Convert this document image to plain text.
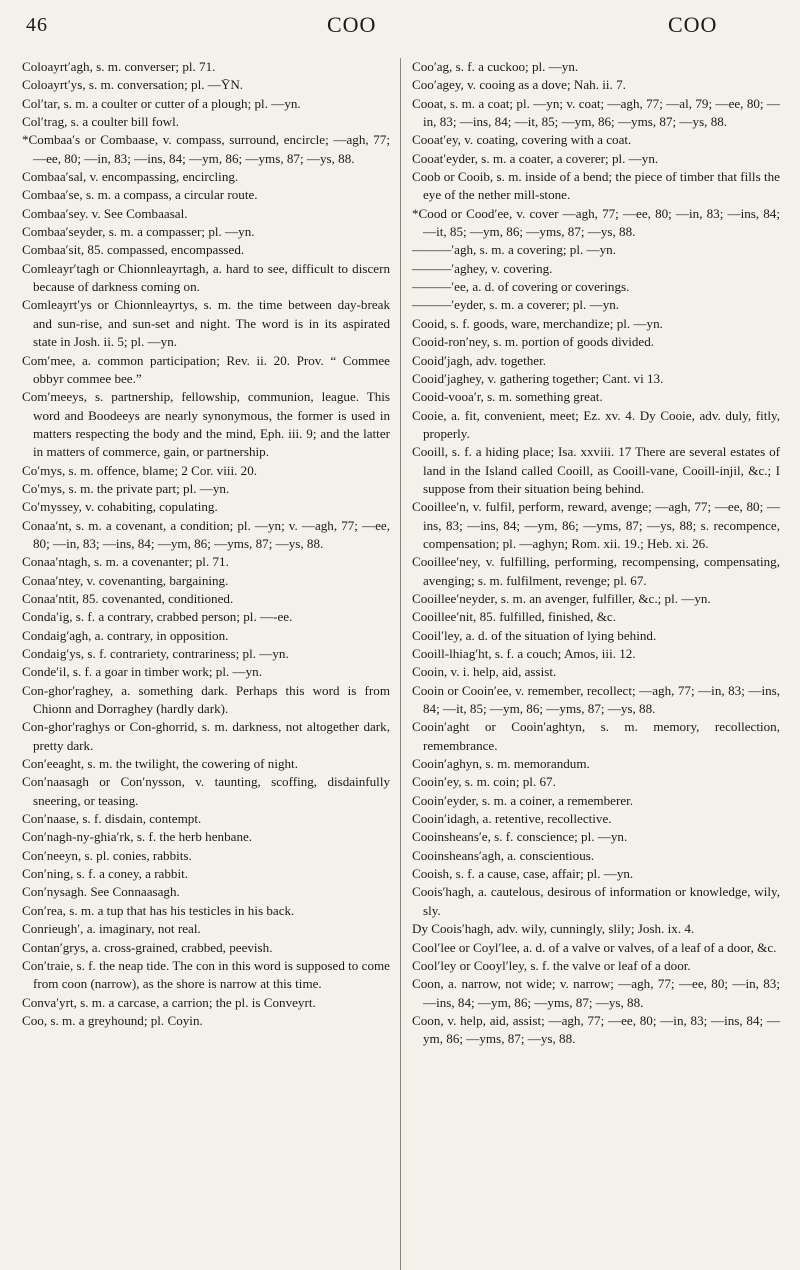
46	COO	COO

Coloayrt′agh, s. m. converser; pl. 71.

Coloayrt′ys, s. m. conversation; pl. —ȲN.

Col′tar, s. m. a coulter or cutter of a plough; pl. —yn.

Col′trag, s. a coulter bill fowl.

*Combaa′s or Combaase, v. compass, surround, encircle; —agh, 77; —ee, 80; —in, 83; —ins, 84; —ym, 86; —yms, 87; —ys, 88.

Combaa′sal, v. encompassing, encircling.

Combaa′se, s. m. a compass, a circular route.

Combaa′sey. v. See Combaasal.

Combaa′seyder, s. m. a compasser; pl. —yn.

Combaa′sit, 85. compassed, encompassed.

Comleayr′tagh or Chionnleayrtagh, a. hard to see, difficult to discern because of darkness coming on.

Comleayrt′ys or Chionnleayrtys, s. m. the time between day-break and sun-rise, and sun-set and night. The word is in its aspirated state in Josh. ii. 5; pl. —yn.

Com′mee, a. common participation; Rev. ii. 20. Prov. “ Commee obbyr commee bee.”

Com′meeys, s. partnership, fellowship, communion, league. This word and Boodeeys are nearly synonymous, the former is used in matters respecting the body and the mind, Eph. iii. 9; and the latter in matters of commerce, gain, or partnership.

Co′mys, s. m. offence, blame; 2 Cor. viii. 20.

Co′mys, s. m. the private part; pl. —yn.

Co′myssey, v. cohabiting, copulating.

Conaa′nt, s. m. a covenant, a condition; pl. —yn; v. —agh, 77; —ee, 80; —in, 83; —ins, 84; —ym, 86; —yms, 87; —ys, 88.

Conaa′ntagh, s. m. a covenanter; pl. 71.

Conaa′ntey, v. covenanting, bargaining.

Conaa′ntit, 85. covenanted, conditioned.

Conda′ig, s. f. a contrary, crabbed person; pl. —-ee.

Condaig′agh, a. contrary, in opposition.

Condaig′ys, s. f. contrariety, contrariness; pl. —yn.

Conde′il, s. f. a goar in timber work; pl. —yn.

Con-ghor′raghey, a. something dark. Perhaps this word is from Chionn and Dorraghey (hardly dark).

Con-ghor′raghys or Con-ghorrid, s. m. darkness, not altogether dark, pretty dark.

Con′eeaght, s. m. the twilight, the cowering of night.

Con′naasagh or Con′nysson, v. taunting, scoffing, disdainfully sneering, or teasing.

Con′naase, s. f. disdain, contempt.

Con′nagh-ny-ghia′rk, s. f. the herb henbane.

Con′neeyn, s. pl. conies, rabbits.

Con′ning, s. f. a coney, a rabbit.

Con′nysagh. See Connaasagh.

Con′rea, s. m. a tup that has his testicles in his back.

Conrieugh′, a. imaginary, not real.

Contan′grys, a. cross-grained, crabbed, peevish.

Con′traie, s. f. the neap tide. The con in this word is supposed to come from coon (narrow), as the shore is narrow at this time.

Conva′yrt, s. m. a carcase, a carrion; the pl. is Conveyrt.

Coo, s. m. a greyhound; pl. Coyin.

Coo′ag, s. f. a cuckoo; pl. —yn.

Coo′agey, v. cooing as a dove; Nah. ii. 7.

Cooat, s. m. a coat; pl. —yn; v. coat; —agh, 77; —al, 79; —ee, 80; —in, 83; —ins, 84; —it, 85; —ym, 86; —yms, 87; —ys, 88.

Cooat′ey, v. coating, covering with a coat.

Cooat′eyder, s. m. a coater, a coverer; pl. —yn.

Coob or Cooib, s. m. inside of a bend; the piece of timber that fills the eye of the nether mill-stone.

*Cood or Cood′ee, v. cover —agh, 77; —ee, 80; —in, 83; —ins, 84; —it, 85; —ym, 86; —yms, 87; —ys, 88.

———′agh, s. m. a covering; pl. —yn.

———′aghey, v. covering.

———′ee, a. d. of covering or coverings.

———′eyder, s. m. a coverer; pl. —yn.

Cooid, s. f. goods, ware, merchandize; pl. —yn.

Cooid-ron′ney, s. m. portion of goods divided.

Cooid′jagh, adv. together.

Cooid′jaghey, v. gathering together; Cant. vi 13.

Cooid-vooa′r, s. m. something great.

Cooie, a. fit, convenient, meet; Ez. xv. 4. Dy Cooie, adv. duly, fitly, properly.

Cooill, s. f. a hiding place; Isa. xxviii. 17 There are several estates of land in the Island called Cooill, as Cooill-vane, Cooill-injil, &c.; I suppose from their situation being behind.

Cooillee′n, v. fulfil, perform, reward, avenge; —agh, 77; —ee, 80; —ins, 83; —ins, 84; —ym, 86; —yms, 87; —ys, 88; s. recompence, compensation; pl. —aghyn; Rom. xii. 19.; Heb. xi. 26.

Cooillee′ney, v. fulfilling, performing, recompensing, compensating, avenging; s. m. fulfilment, revenge; pl. 67.

Cooillee′neyder, s. m. an avenger, fulfiller, &c.; pl. —yn.

Cooillee′nit, 85. fulfilled, finished, &c.

Cooil′ley, a. d. of the situation of lying behind.

Cooill-lhiag′ht, s. f. a couch; Amos, iii. 12.

Cooin, v. i. help, aid, assist.

Cooin or Cooin′ee, v. remember, recollect; —agh, 77; —in, 83; —ins, 84; —it, 85; —ym, 86; —yms, 87; —ys, 88.

Cooin′aght or Cooin′aghtyn, s. m. memory, recollection, remembrance.

Cooin′aghyn, s. m. memorandum.

Cooin′ey, s. m. coin; pl. 67.

Cooin′eyder, s. m. a coiner, a rememberer.

Cooin′idagh, a. retentive, recollective.

Cooinsheans′e, s. f. conscience; pl. —yn.

Cooinsheans′agh, a. conscientious.

Cooish, s. f. a cause, case, affair; pl. —yn.

Coois′hagh, a. cautelous, desirous of information or knowledge, wily, sly.

Dy Coois′hagh, adv. wily, cunningly, slily; Josh. ix. 4.

Cool′lee or Coyl′lee, a. d. of a valve or valves, of a leaf of a door, &c.

Cool′ley or Cooyl′ley, s. f. the valve or leaf of a door.

Coon, a. narrow, not wide; v. narrow; —agh, 77; —ee, 80; —in, 83; —ins, 84; —ym, 86; —yms, 87; —ys, 88.

Coon, v. help, aid, assist; —agh, 77; —ee, 80; —in, 83; —ins, 84; —ym, 86; —yms, 87; —ys, 88.
